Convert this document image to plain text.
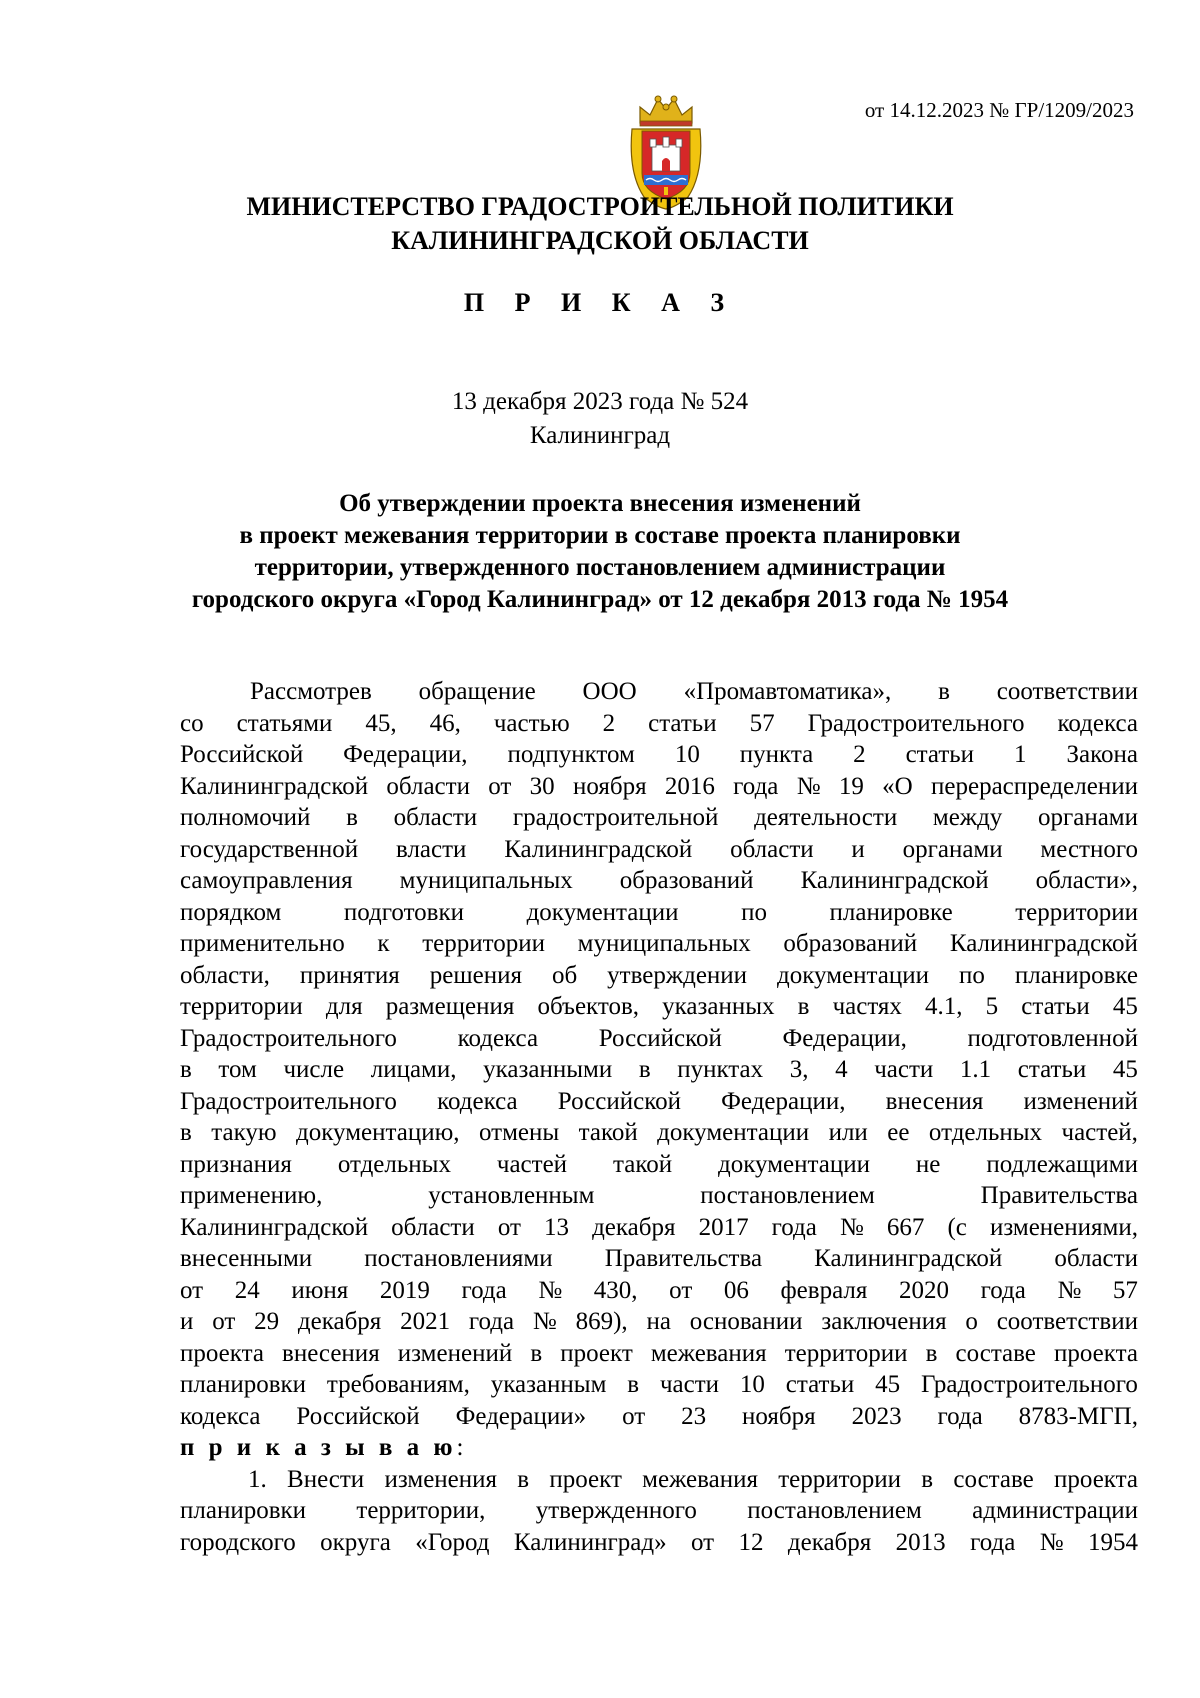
от 14.12.2023 № ГР/1209/2023
МИНИСТЕРСТВО ГРАДОСТРОИТЕЛЬНОЙ ПОЛИТИКИ
КАЛИНИНГРАДСКОЙ ОБЛАСТИ
П Р И К А З
13 декабря 2023 года № 524
Калининград
Об утверждении проекта внесения изменений
в проект межевания территории в составе проекта планировки
территории, утвержденного постановлением администрации
городского округа «Город Калининград» от 12 декабря 2013 года № 1954
Рассмотрев обращение ООО «Промавтоматика», в соответствии
со статьями 45, 46, частью 2 статьи 57 Градостроительного кодекса
Российской Федерации, подпунктом 10 пункта 2 статьи 1 Закона
Калининградской области от 30 ноября 2016 года № 19 «О перераспределении
полномочий в области градостроительной деятельности между органами
государственной власти Калининградской области и органами местного
самоуправления муниципальных образований Калининградской области»,
порядком	подготовки	документации	по	планировке	территории
применительно к территории муниципальных образований Калининградской
области, принятия решения об утверждении документации по планировке
территории для размещения объектов, указанных в частях 4.1, 5 статьи 45
Градостроительного кодекса Российской Федерации, подготовленной
в том числе лицами, указанными в пунктах 3, 4 части 1.1 статьи 45
Градостроительного кодекса Российской Федерации, внесения изменений
в такую документацию, отмены такой документации или ее отдельных частей,
признания отдельных частей такой документации не подлежащими
применению,	установленным	постановлением	Правительства
Калининградской области от 13 декабря 2017 года № 667 (с изменениями,
внесенными постановлениями Правительства Калининградской области
от 24 июня 2019 года № 430, от 06 февраля 2020 года № 57
и от 29 декабря 2021 года № 869), на основании заключения о соответствии
проекта внесения изменений в проект межевания территории в составе проекта
планировки требованиям, указанным в части 10 статьи 45 Градостроительного
кодекса Российской Федерации» от 23 ноября 2023 года 8783-МГП,
п р и к а з ы в а ю:
1. Внести изменения в проект межевания территории в составе проекта
планировки территории, утвержденного постановлением администрации
городского округа «Город Калининград» от 12 декабря 2013 года № 1954
